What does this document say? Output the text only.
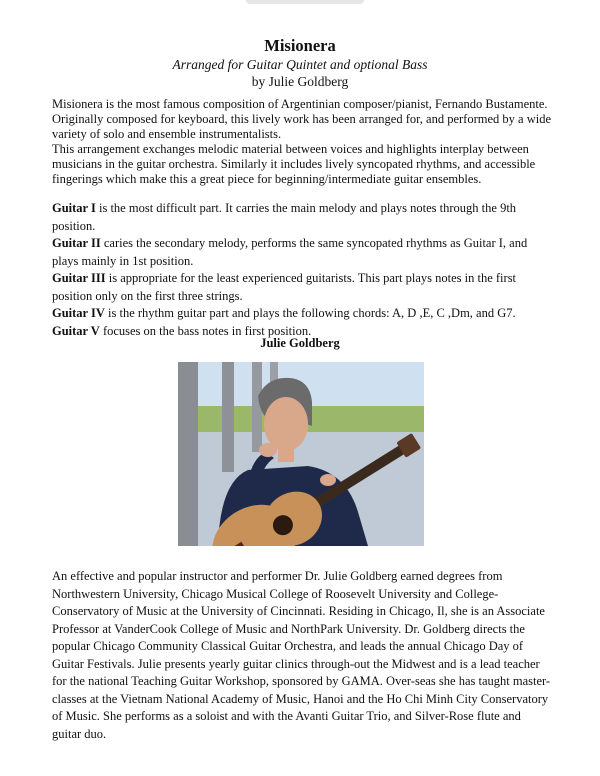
Misionera
Arranged for Guitar Quintet and optional Bass
by Julie Goldberg
Misionera is the most famous composition of Argentinian composer/pianist, Fernando Bustamente. Originally composed for keyboard, this lively work has been arranged for, and performed by a wide variety of solo and ensemble instrumentalists.
This arrangement exchanges melodic material between voices and highlights interplay between musicians in the guitar orchestra. Similarly it includes lively syncopated rhythms, and accessible fingerings which make this a great piece for beginning/intermediate guitar ensembles.

Guitar I is the most difficult part. It carries the main melody and plays notes through the 9th position.

Guitar II caries the secondary melody, performs the same syncopated rhythms as Guitar I, and plays mainly in 1st position.

Guitar III is appropriate for the least experienced guitarists. This part plays notes in the first position only on the first three strings.

Guitar IV is the rhythm guitar part and plays the following chords: A, D ,E, C ,Dm, and G7.

Guitar V focuses on the bass notes in first position.

Julie Goldberg
An effective and popular instructor and performer Dr. Julie Goldberg earned degrees from Northwestern University, Chicago Musical College of Roosevelt University and College-Conservatory of Music at the University of Cincinnati. Residing in Chicago, Il, she is an Associate Professor at VanderCook College of Music and NorthPark University. Dr. Goldberg directs the popular Chicago Community Classical Guitar Orchestra, and leads the annual Chicago Day of Guitar Festivals. Julie presents yearly guitar clinics through-out the Midwest and is a lead teacher for the national Teaching Guitar Workshop, sponsored by GAMA. Over-seas she has taught master-classes at the Vietnam National Academy of Music, Hanoi and the Ho Chi Minh City Conservatory of Music. She performs as a soloist and with the Avanti Guitar Trio, and Silver-Rose flute and guitar duo.
